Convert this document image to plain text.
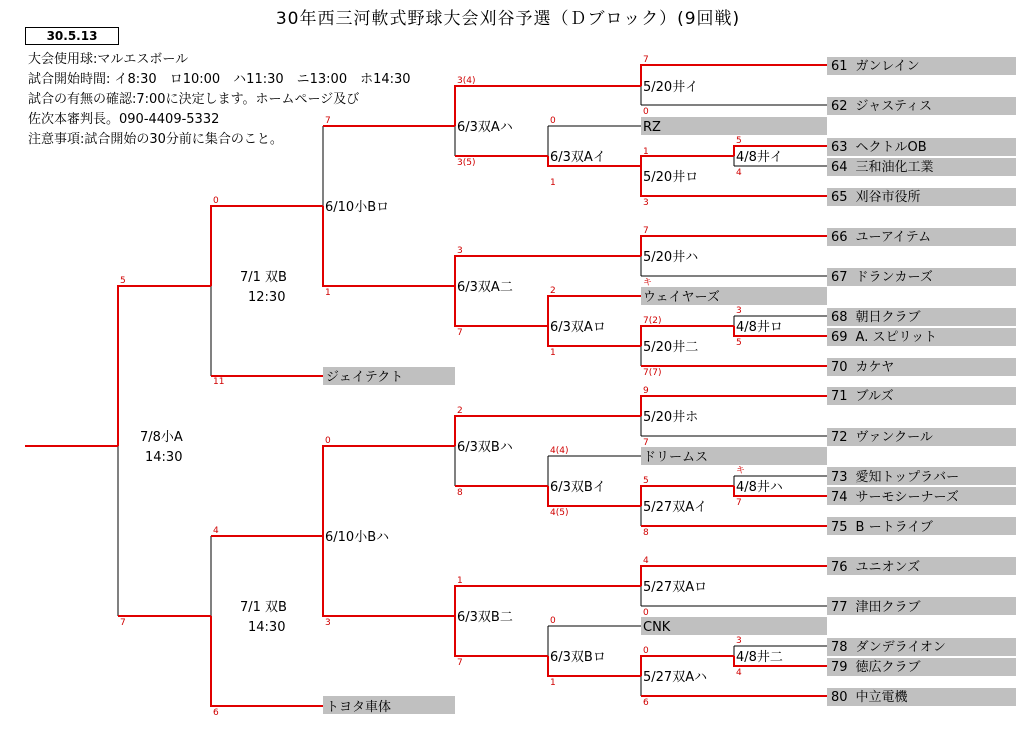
30年西三河軟式野球大会刈谷予選（Ｄブロック）(9回戦)
30.5.13
大会使用球:マルエスボール
試合開始時間: イ8:30　ロ10:00　ハ11:30　ニ13:00　ホ14:30
試合の有無の確認:7:00に決定します。ホームページ及び
佐次本審判長。090-4409-5332
注意事項:試合開始の30分前に集合のこと。
61 ガンレイン
62 ジャスティス
RZ
63 ヘクトルOB
64 三和油化工業
65 刈谷市役所
66 ユーアイテム
67 ドランカーズ
ウェイヤーズ
68 朝日クラブ
69 A. スピリット
70 カケヤ
ジェイテクト
71 ブルズ
72 ヴァンクール
ドリームス
73 愛知トップラバー
74 サーモシーナーズ
75 B ートライブ
76 ユニオンズ
77 津田クラブ
CNK
78 ダンデライオン
79 徳広クラブ
80 中立電機
トヨタ車体
5/20井イ
4/8井イ
5/20井ロ
6/3双Aイ
6/3双Aハ
5/20井ハ
4/8井ロ
5/20井二
6/3双Aロ
6/3双A二
6/10小Bロ
7/1 双B
12:30
5/20井ホ
4/8井ハ
5/27双Aイ
6/3双Bイ
6/3双Bハ
5/27双Aロ
4/8井二
5/27双Aハ
6/3双Bロ
6/3双B二
6/10小Bハ
7/1 双B
14:30
7/8小A
14:30
7
0
0
5
4
1
3
1
3(4)
3(5)
7
7
キ
2
3
5
7(2)
7(7)
1
3
7
1
0
11
5
9
7
4(4)
キ
7
5
8
4(5)
2
8
0
4
0
0
3
4
0
6
1
1
7
3
4
6
7
